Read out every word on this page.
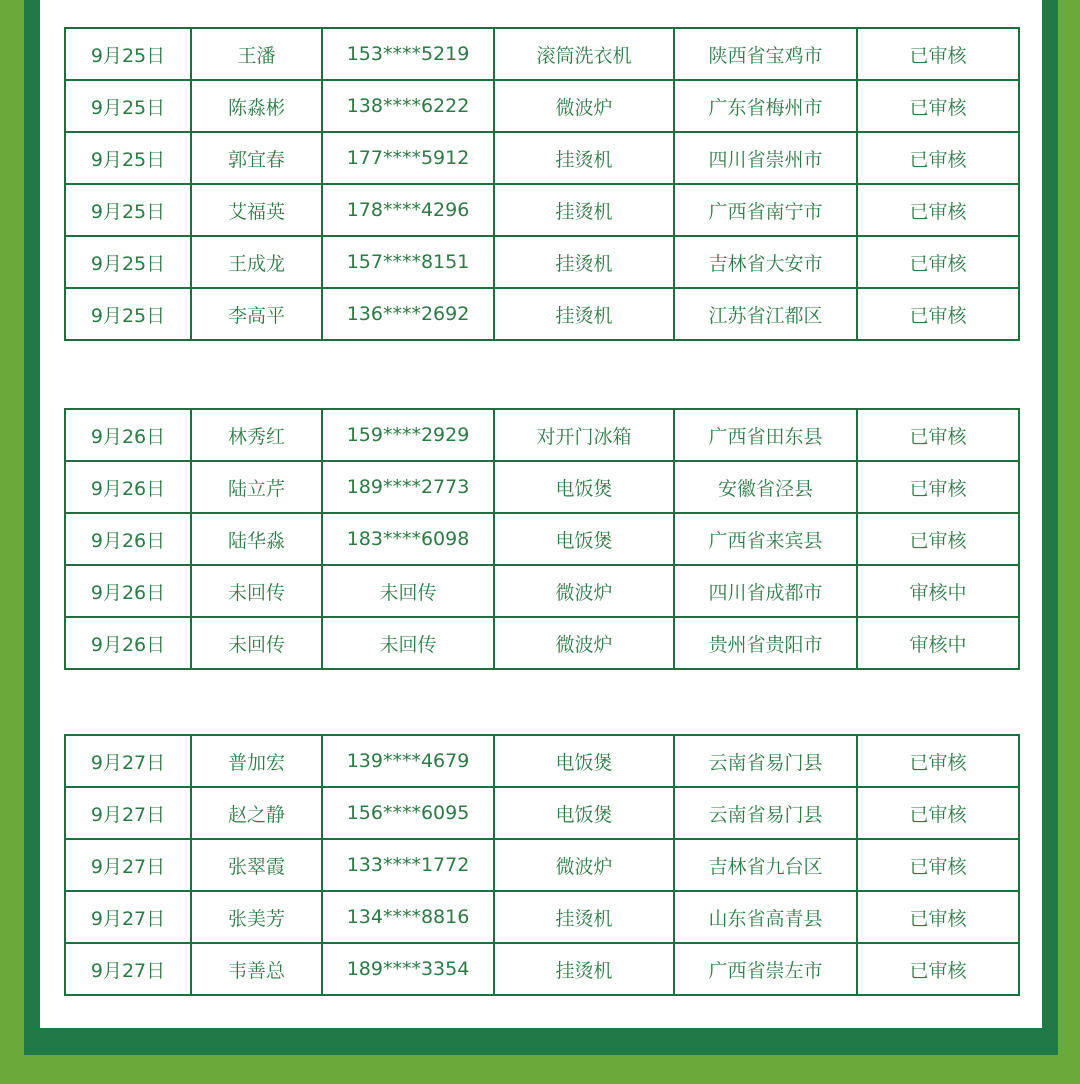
9月25日	王潘	153****5219	滚筒洗衣机	陕西省宝鸡市	已审核
9月25日	陈淼彬	138****6222	微波炉	广东省梅州市	已审核
9月25日	郭宜春	177****5912	挂烫机	四川省崇州市	已审核
9月25日	艾福英	178****4296	挂烫机	广西省南宁市	已审核
9月25日	王成龙	157****8151	挂烫机	吉林省大安市	已审核
9月25日	李高平	136****2692	挂烫机	江苏省江都区	已审核
9月26日	林秀红	159****2929	对开门冰箱	广西省田东县	已审核
9月26日	陆立芹	189****2773	电饭煲	安徽省泾县	已审核
9月26日	陆华淼	183****6098	电饭煲	广西省来宾县	已审核
9月26日	未回传	未回传	微波炉	四川省成都市	审核中
9月26日	未回传	未回传	微波炉	贵州省贵阳市	审核中
9月27日	普加宏	139****4679	电饭煲	云南省易门县	已审核
9月27日	赵之静	156****6095	电饭煲	云南省易门县	已审核
9月27日	张翠霞	133****1772	微波炉	吉林省九台区	已审核
9月27日	张美芳	134****8816	挂烫机	山东省高青县	已审核
9月27日	韦善总	189****3354	挂烫机	广西省崇左市	已审核
